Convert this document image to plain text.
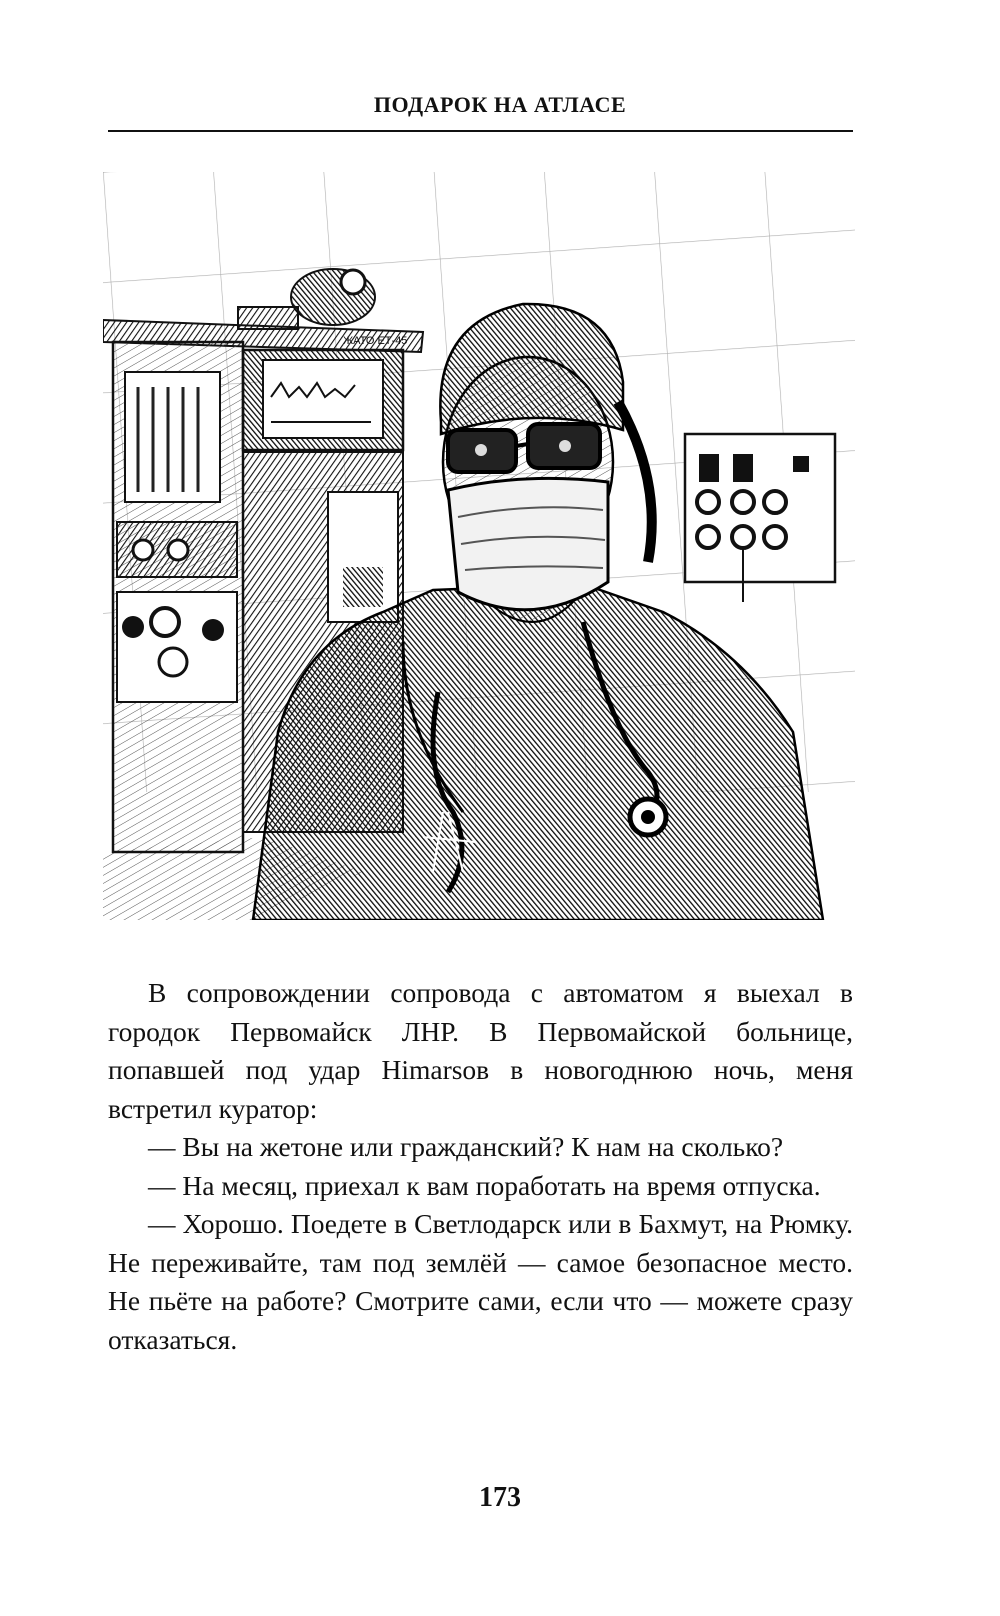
ПОДАРОК НА АТЛАСЕ
ЖАТО ЕТ-45

В сопровождении сопровода с автоматом я выехал в городок Первомайск ЛНР. В Первомайской больнице, попавшей под удар Himarsов в новогоднюю ночь, меня встретил куратор:

— Вы на жетоне или гражданский? К нам на сколько?

— На месяц, приехал к вам поработать на время отпуска.

— Хорошо. Поедете в Светлодарск или в Бахмут, на Рюмку. Не переживайте, там под землёй — самое безопасное место. Не пьёте на работе? Смотрите сами, если что — можете сразу отказаться.

173
